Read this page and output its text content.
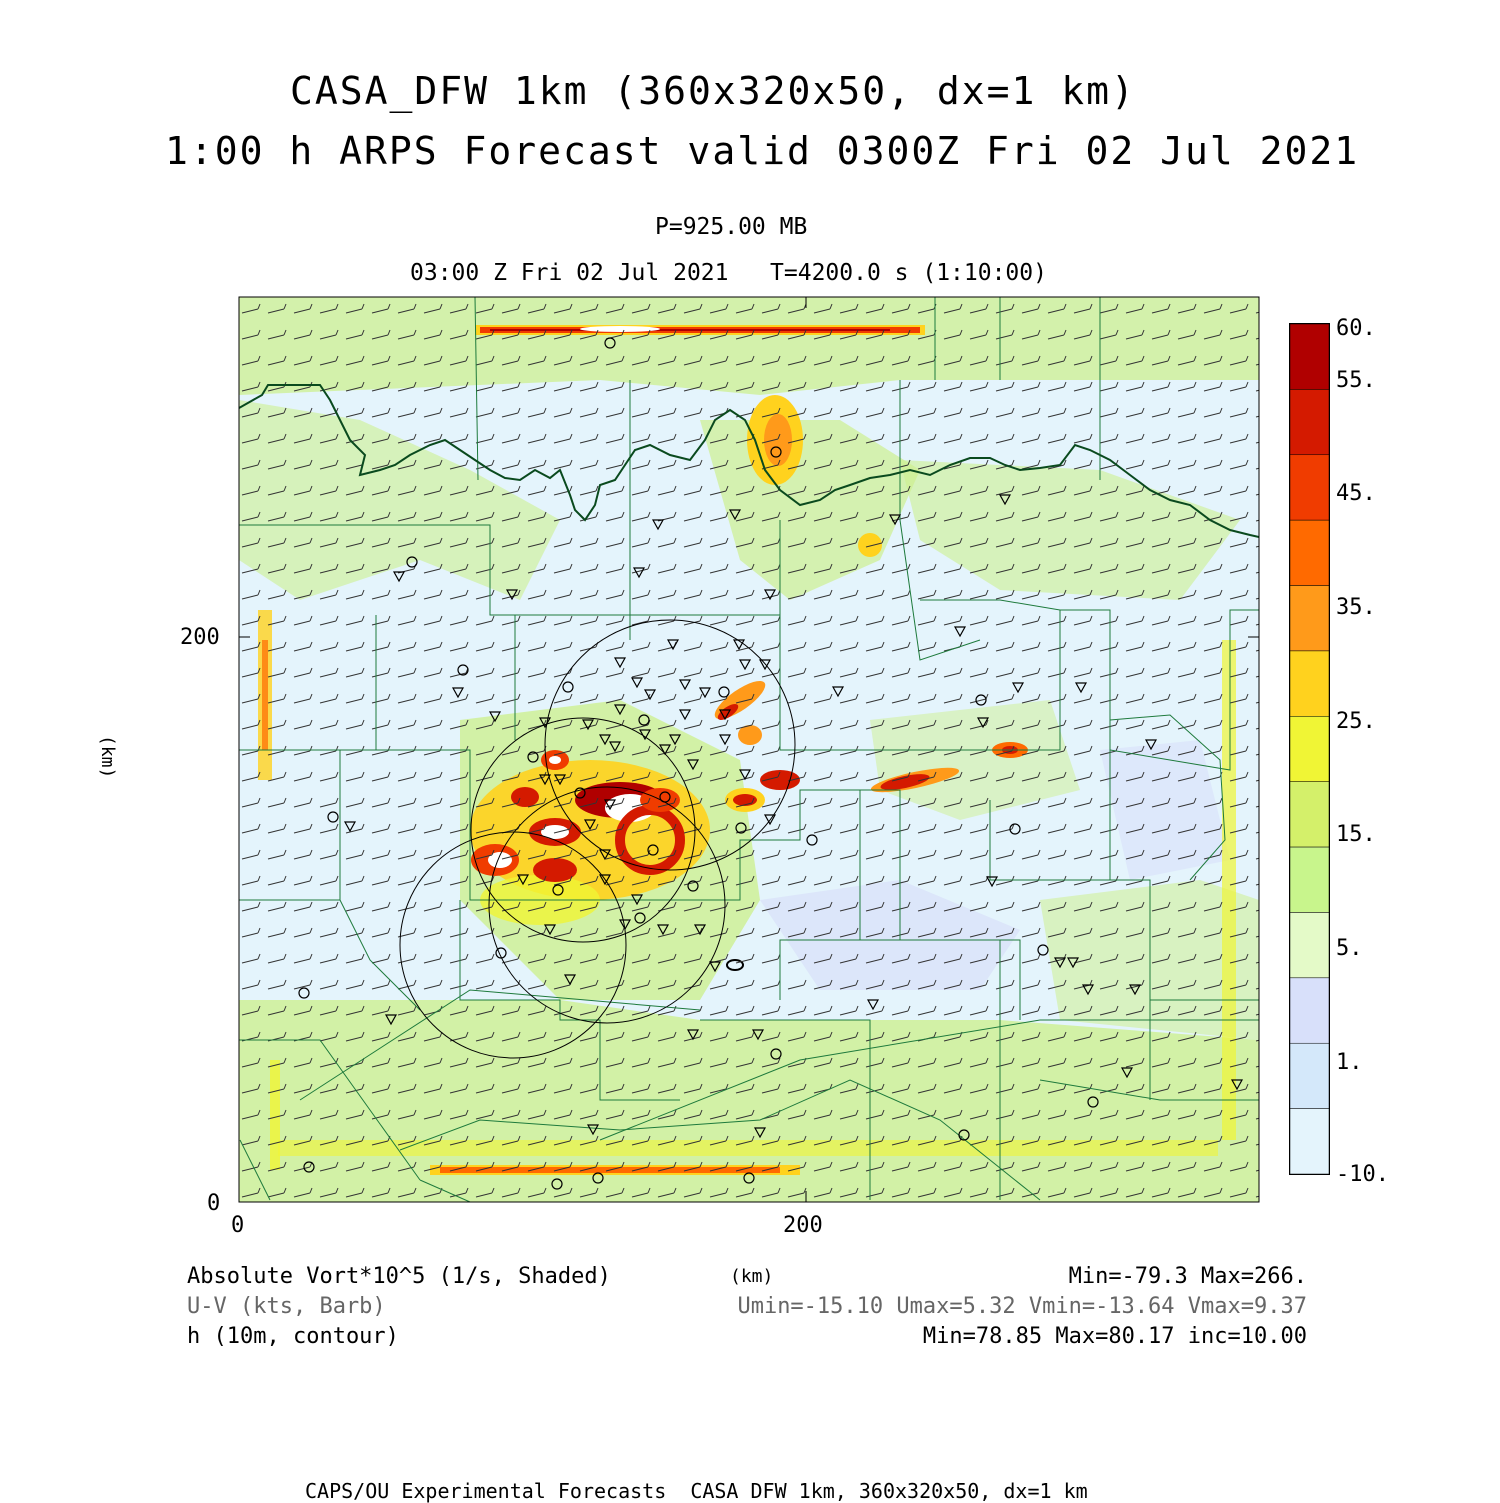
CASA_DFW 1km (360x320x50, dx=1 km)
1:00 h ARPS Forecast valid 0300Z Fri 02 Jul 2021
P=925.00 MB
03:00 Z Fri 02 Jul 2021   T=4200.0 s (1:10:00)
(km)
200
0
0	200
60.
55.
45.
35.
25.
15.
5.
1.
-10.
(km)
Absolute Vort*10^5 (1/s, Shaded)	Min=-79.3 Max=266.
U-V (kts, Barb)	Umin=-15.10 Umax=5.32 Vmin=-13.64 Vmax=9.37
h (10m, contour)	Min=78.85 Max=80.17 inc=10.00
CAPS/OU Experimental Forecasts  CASA DFW 1km, 360x320x50, dx=1 km
